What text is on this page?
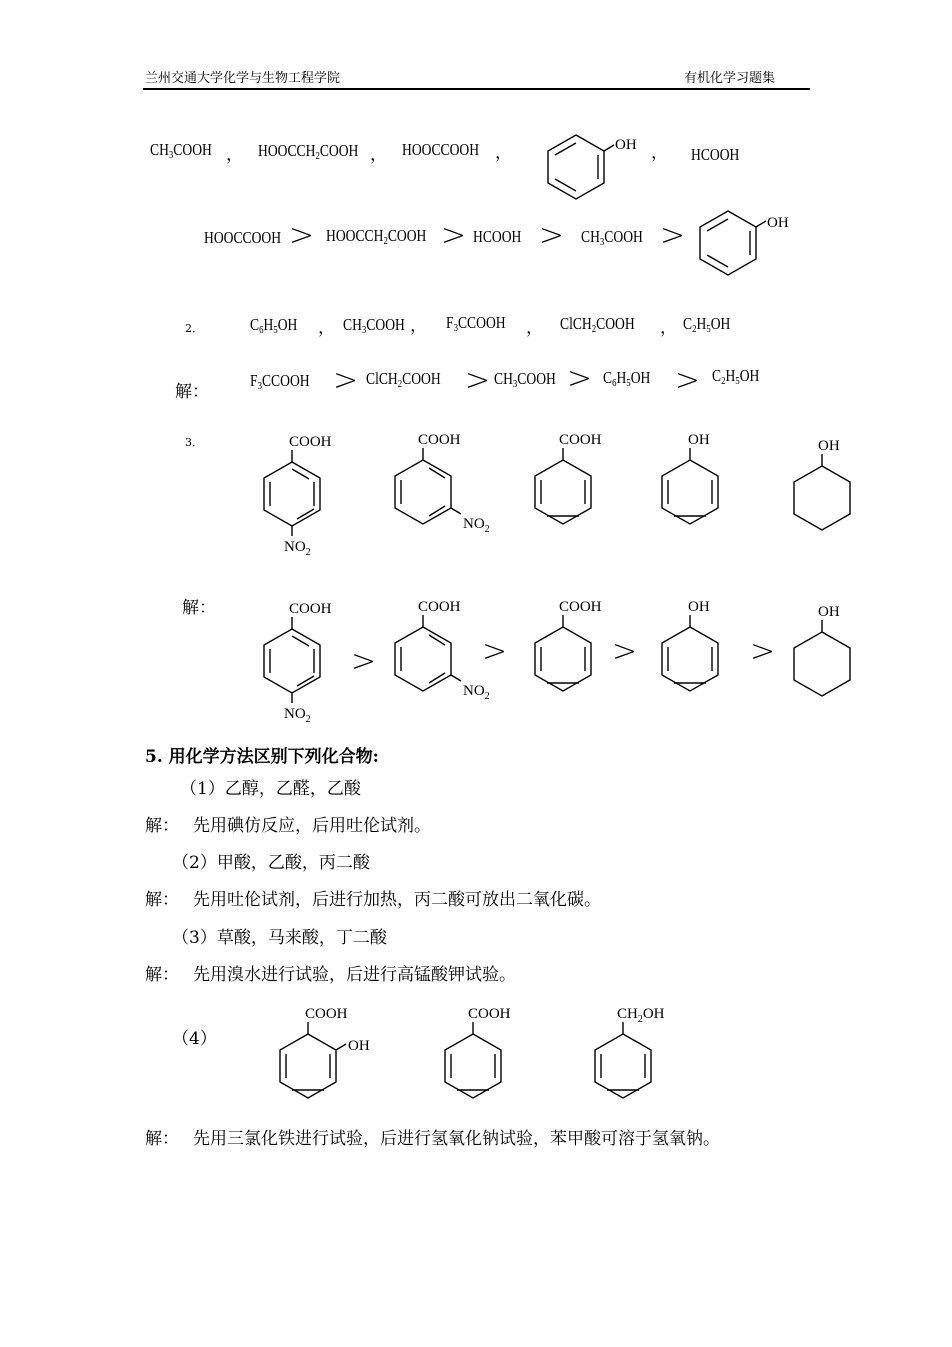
兰州交通大学化学与生物工程学院	有机化学习题集
$CH_3COOH$ ， $HOOCCH_2COOH$ ， HOOCCOOH ，	OH ， HCOOH
HOOCCOOH > $HOOCCH_2COOH$ > HCOOH > $CH_3COOH$ >	OH
2．	$C_6H_5OH$ ， $CH_3COOH$ ， $F_3CCOOH$ ， ClCH$_2$COOH ， $C_2H_5OH$
解：
$F_3CCOOH$ > ClCH$_2$COOH > $CH_3COOH > C_6H_5OH > C_2H_5OH$
3．	COOH
$NO_2$
COOH
$NO_2$
COOH	OH	OH
解：	COOH
$NO_2$
>
COOH
$NO_2$
>
COOH
>
OH
>
OH
5. 用化学方法区别下列化合物:
（1）乙醇，乙醛，乙酸
解： 先用碘仿反应，后用吐伦试剂。
（2）甲酸，乙酸，丙二酸
解： 先用吐伦试剂，后进行加热，丙二酸可放出二氧化碳。
（3）草酸，马来酸，丁二酸
解： 先用溴水进行试验，后进行高锰酸钾试验。
（4）
COOH
OH
COOH	$CH_2OH$
解： 先用三氯化铁进行试验，后进行氢氧化钠试验，苯甲酸可溶于氢氧钠。
